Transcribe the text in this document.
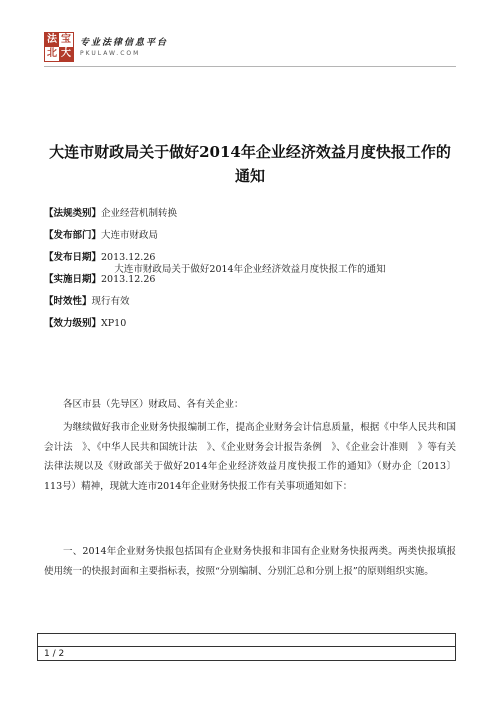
法 宝
北 大
专业法律信息平台
PKULAW.COM
大连市财政局关于做好2014年企业经济效益月度快报工作的通知
【法规类别】企业经营机制转换
【发布部门】大连市财政局
【发布日期】2013.12.26
【实施日期】2013.12.26
【时效性】现行有效
【效力级别】XP10
大连市财政局关于做好2014年企业经济效益月度快报工作的通知
各区市县（先导区）财政局、各有关企业：

为继续做好我市企业财务快报编制工作，提高企业财务会计信息质量，根据《中华人民共和国会计法　》、《中华人民共和国统计法　》、《企业财务会计报告条例　》、《企业会计准则　》等有关法律法规以及《财政部关于做好2014年企业经济效益月度快报工作的通知》（财办企〔2013〕113号）精神，现就大连市2014年企业财务快报工作有关事项通知如下：

一、2014年企业财务快报包括国有企业财务快报和非国有企业财务快报两类。两类快报填报使用统一的快报封面和主要指标表，按照“分别编制、分别汇总和分别上报”的原则组织实施。

1 / 2
